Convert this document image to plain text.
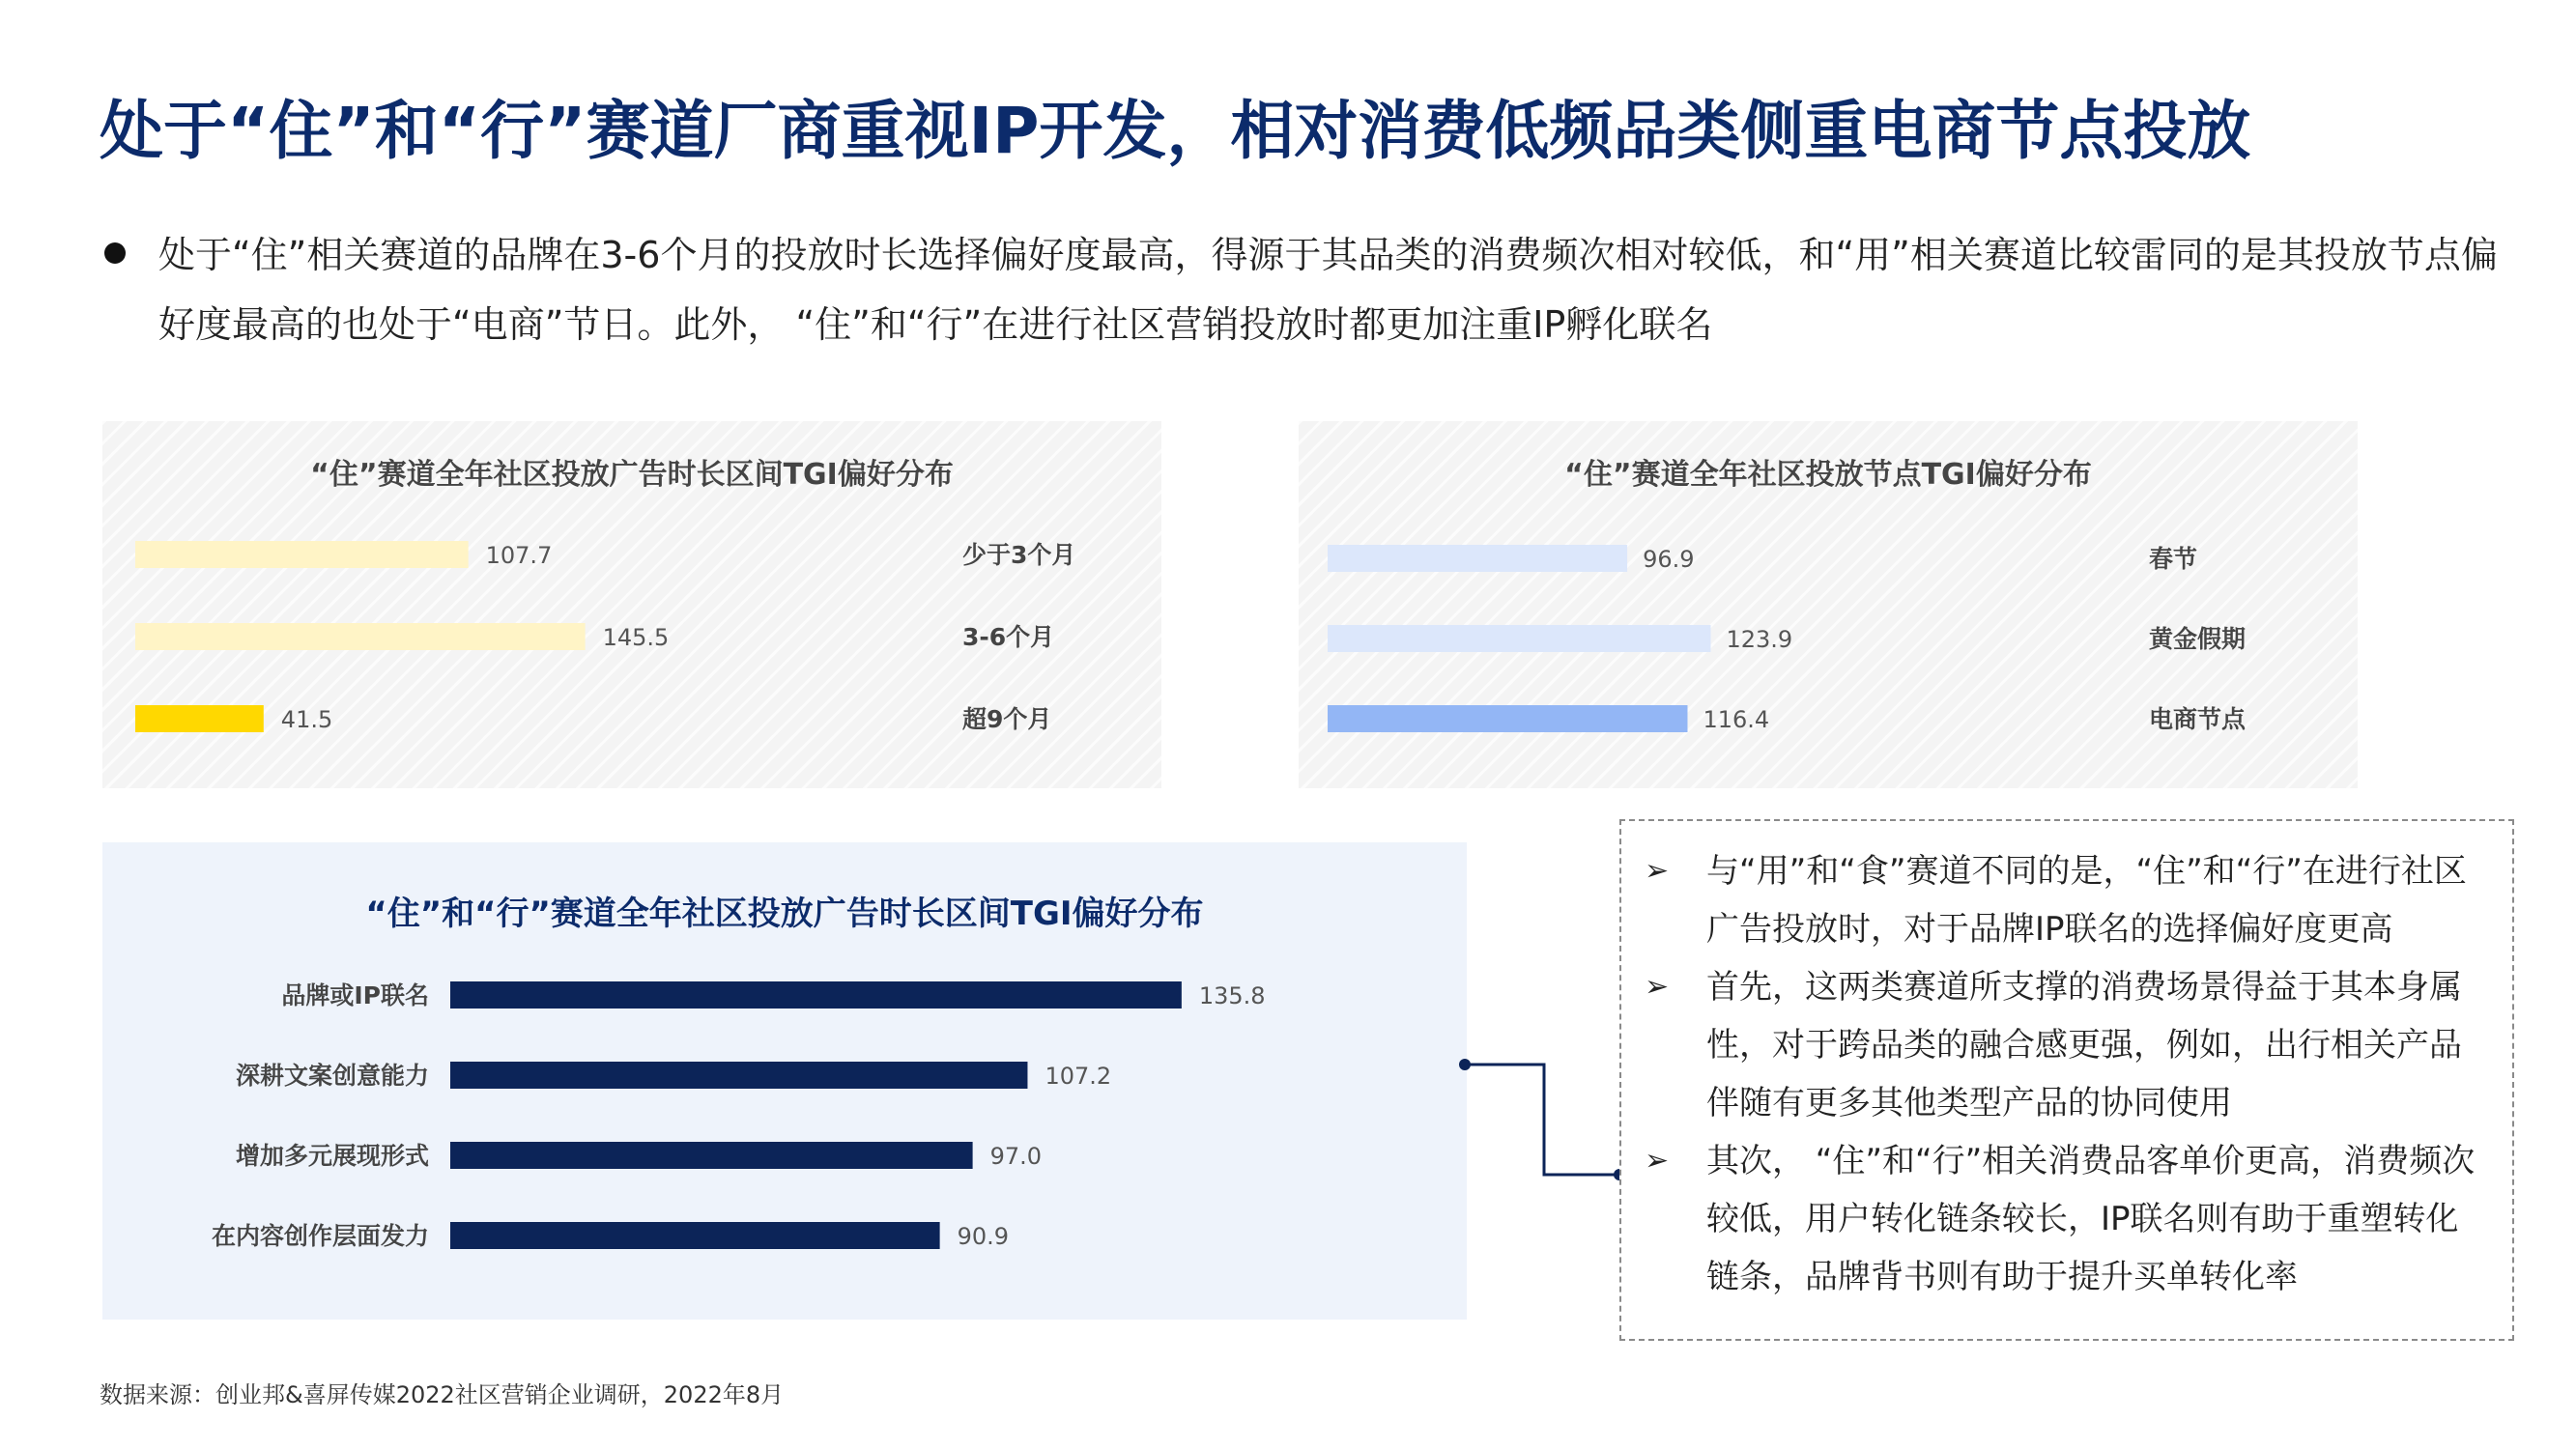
处于“住”和“行”赛道厂商重视IP开发，相对消费低频品类侧重电商节点投放
处于“住”相关赛道的品牌在3-6个月的投放时长选择偏好度最高，得源于其品类的消费频次相对较低，和“用”相关赛道比较雷同的是其投放节点偏好度最高的也处于“电商”节日。此外， “住”和“行”在进行社区营销投放时都更加注重IP孵化联名
“住”赛道全年社区投放广告时长区间TGI偏好分布
107.7	少于3个月
145.5	3-6个月
41.5	超9个月
“住”赛道全年社区投放节点TGI偏好分布
96.9	春节
123.9	黄金假期
116.4	电商节点
“住”和“行”赛道全年社区投放广告时长区间TGI偏好分布
135.8
品牌或IP联名
107.2
深耕文案创意能力
97.0
增加多元展现形式
90.9
在内容创作层面发力
➢ 与“用”和“食”赛道不同的是，“住”和“行”在进行社区广告投放时，对于品牌IP联名的选择偏好度更高
➢ 首先，这两类赛道所支撑的消费场景得益于其本身属性，对于跨品类的融合感更强，例如，出行相关产品伴随有更多其他类型产品的协同使用
➢ 其次， “住”和“行”相关消费品客单价更高，消费频次较低，用户转化链条较长，IP联名则有助于重塑转化链条，品牌背书则有助于提升买单转化率
数据来源：创业邦&喜屏传媒2022社区营销企业调研，2022年8月
